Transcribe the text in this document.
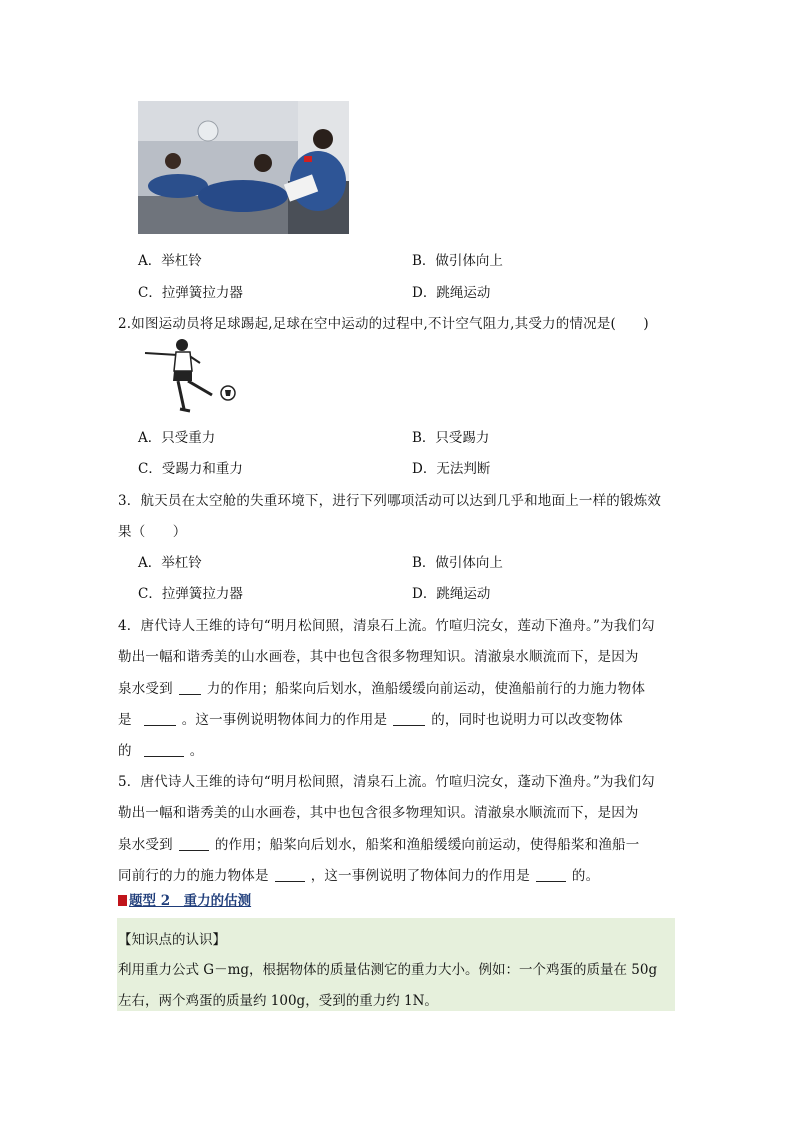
A．举杠铃	B．做引体向上
C．拉弹簧拉力器	D．跳绳运动
2.如图运动员将足球踢起,足球在空中运动的过程中,不计空气阻力,其受力的情况是(　　)
A．只受重力	B．只受踢力
C．受踢力和重力	D．无法判断
3．航天员在太空舱的失重环境下，进行下列哪项活动可以达到几乎和地面上一样的锻炼效
果（　　）
A．举杠铃	B．做引体向上
C．拉弹簧拉力器	D．跳绳运动
4．唐代诗人王维的诗句“明月松间照，清泉石上流。竹喧归浣女，莲动下渔舟。”为我们勾
勒出一幅和谐秀美的山水画卷，其中也包含很多物理知识。清澈泉水顺流而下，是因为
泉水受到	力的作用；船桨向后划水，渔船缓缓向前运动，使渔船前行的力施力物体
是	。这一事例说明物体间力的作用是	的，同时也说明力可以改变物体
的	。
5．唐代诗人王维的诗句“明月松间照，清泉石上流。竹喧归浣女，蓬动下渔舟。”为我们勾
勒出一幅和谐秀美的山水画卷，其中也包含很多物理知识。清澈泉水顺流而下，是因为
泉水受到	的作用；船桨向后划水，船桨和渔船缓缓向前运动，使得船桨和渔船一
同前行的力的施力物体是	，这一事例说明了物体间力的作用是	的。
题型 2　重力的估测
【知识点的认识】
利用重力公式 G－mg，根据物体的质量估测它的重力大小。例如：一个鸡蛋的质量在 50g
左右，两个鸡蛋的质量约 100g，受到的重力约 1N。
